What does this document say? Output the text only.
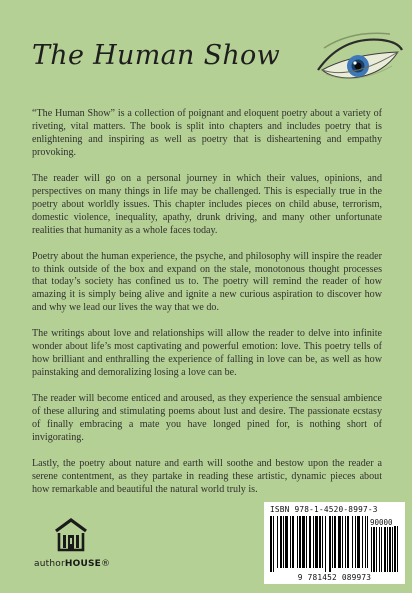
The Human Show

“The Human Show” is a collection of poignant and eloquent poetry about a variety of riveting, vital matters. The book is split into chapters and includes poetry that is enlightening and inspiring as well as poetry that is disheartening and empathy provoking.

The reader will go on a personal journey in which their values, opinions, and perspectives on many things in life may be challenged. This is especially true in the poetry about worldly issues. This chapter includes pieces on child abuse, terrorism, domestic violence, inequality, apathy, drunk driving, and many other unfortunate realities that humanity as a whole faces today.

Poetry about the human experience, the psyche, and philosophy will inspire the reader to think outside of the box and expand on the stale, monotonous thought processes that today’s society has confined us to. The poetry will remind the reader of how amazing it is simply being alive and ignite a new curious aspiration to discover how and why we lead our lives the way that we do.

The writings about love and relationships will allow the reader to delve into infinite wonder about life’s most captivating and powerful emotion: love. This poetry tells of how brilliant and enthralling the experience of falling in love can be, as well as how painstaking and demoralizing losing a love can be.

The reader will become enticed and aroused, as they experience the sensual ambience of these alluring and stimulating poems about lust and desire. The passionate ecstasy of finally embracing a mate you have longed pined for, is nothing short of invigorating.

Lastly, the poetry about nature and earth will soothe and bestow upon the reader a serene contentment, as they partake in reading these artistic, dynamic pieces about how remarkable and beautiful the natural world truly is.

authorHOUSE®
ISBN 978-1-4520-8997-3
90000
9 781452 089973
